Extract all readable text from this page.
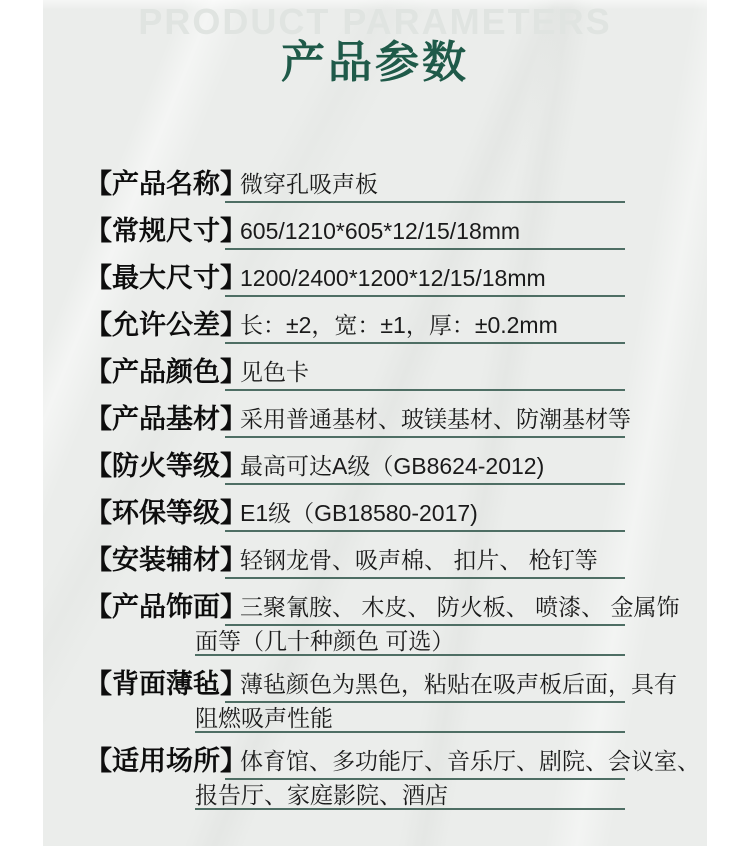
PRODUCT PARAMETERS
产品参数
【产品名称】
微穿孔吸声板
【常规尺寸】
605/1210*605*12/15/18mm
【最大尺寸】
1200/2400*1200*12/15/18mm
【允许公差】
长：±2，宽：±1，厚：±0.2mm
【产品颜色】
见色卡
【产品基材】
采用普通基材、玻镁基材、防潮基材等
【防火等级】
最高可达A级（GB8624-2012)
【环保等级】
E1级（GB18580-2017)
【安装辅材】
轻钢龙骨、吸声棉、 扣片、 枪钉等
【产品饰面】
三聚氰胺、 木皮、 防火板、 喷漆、 金属饰
面等（几十种颜色 可选）
【背面薄毡】
薄毡颜色为黑色，粘贴在吸声板后面，具有
阻燃吸声性能
【适用场所】
体育馆、多功能厅、音乐厅、剧院、会议室、
报告厅、家庭影院、酒店
